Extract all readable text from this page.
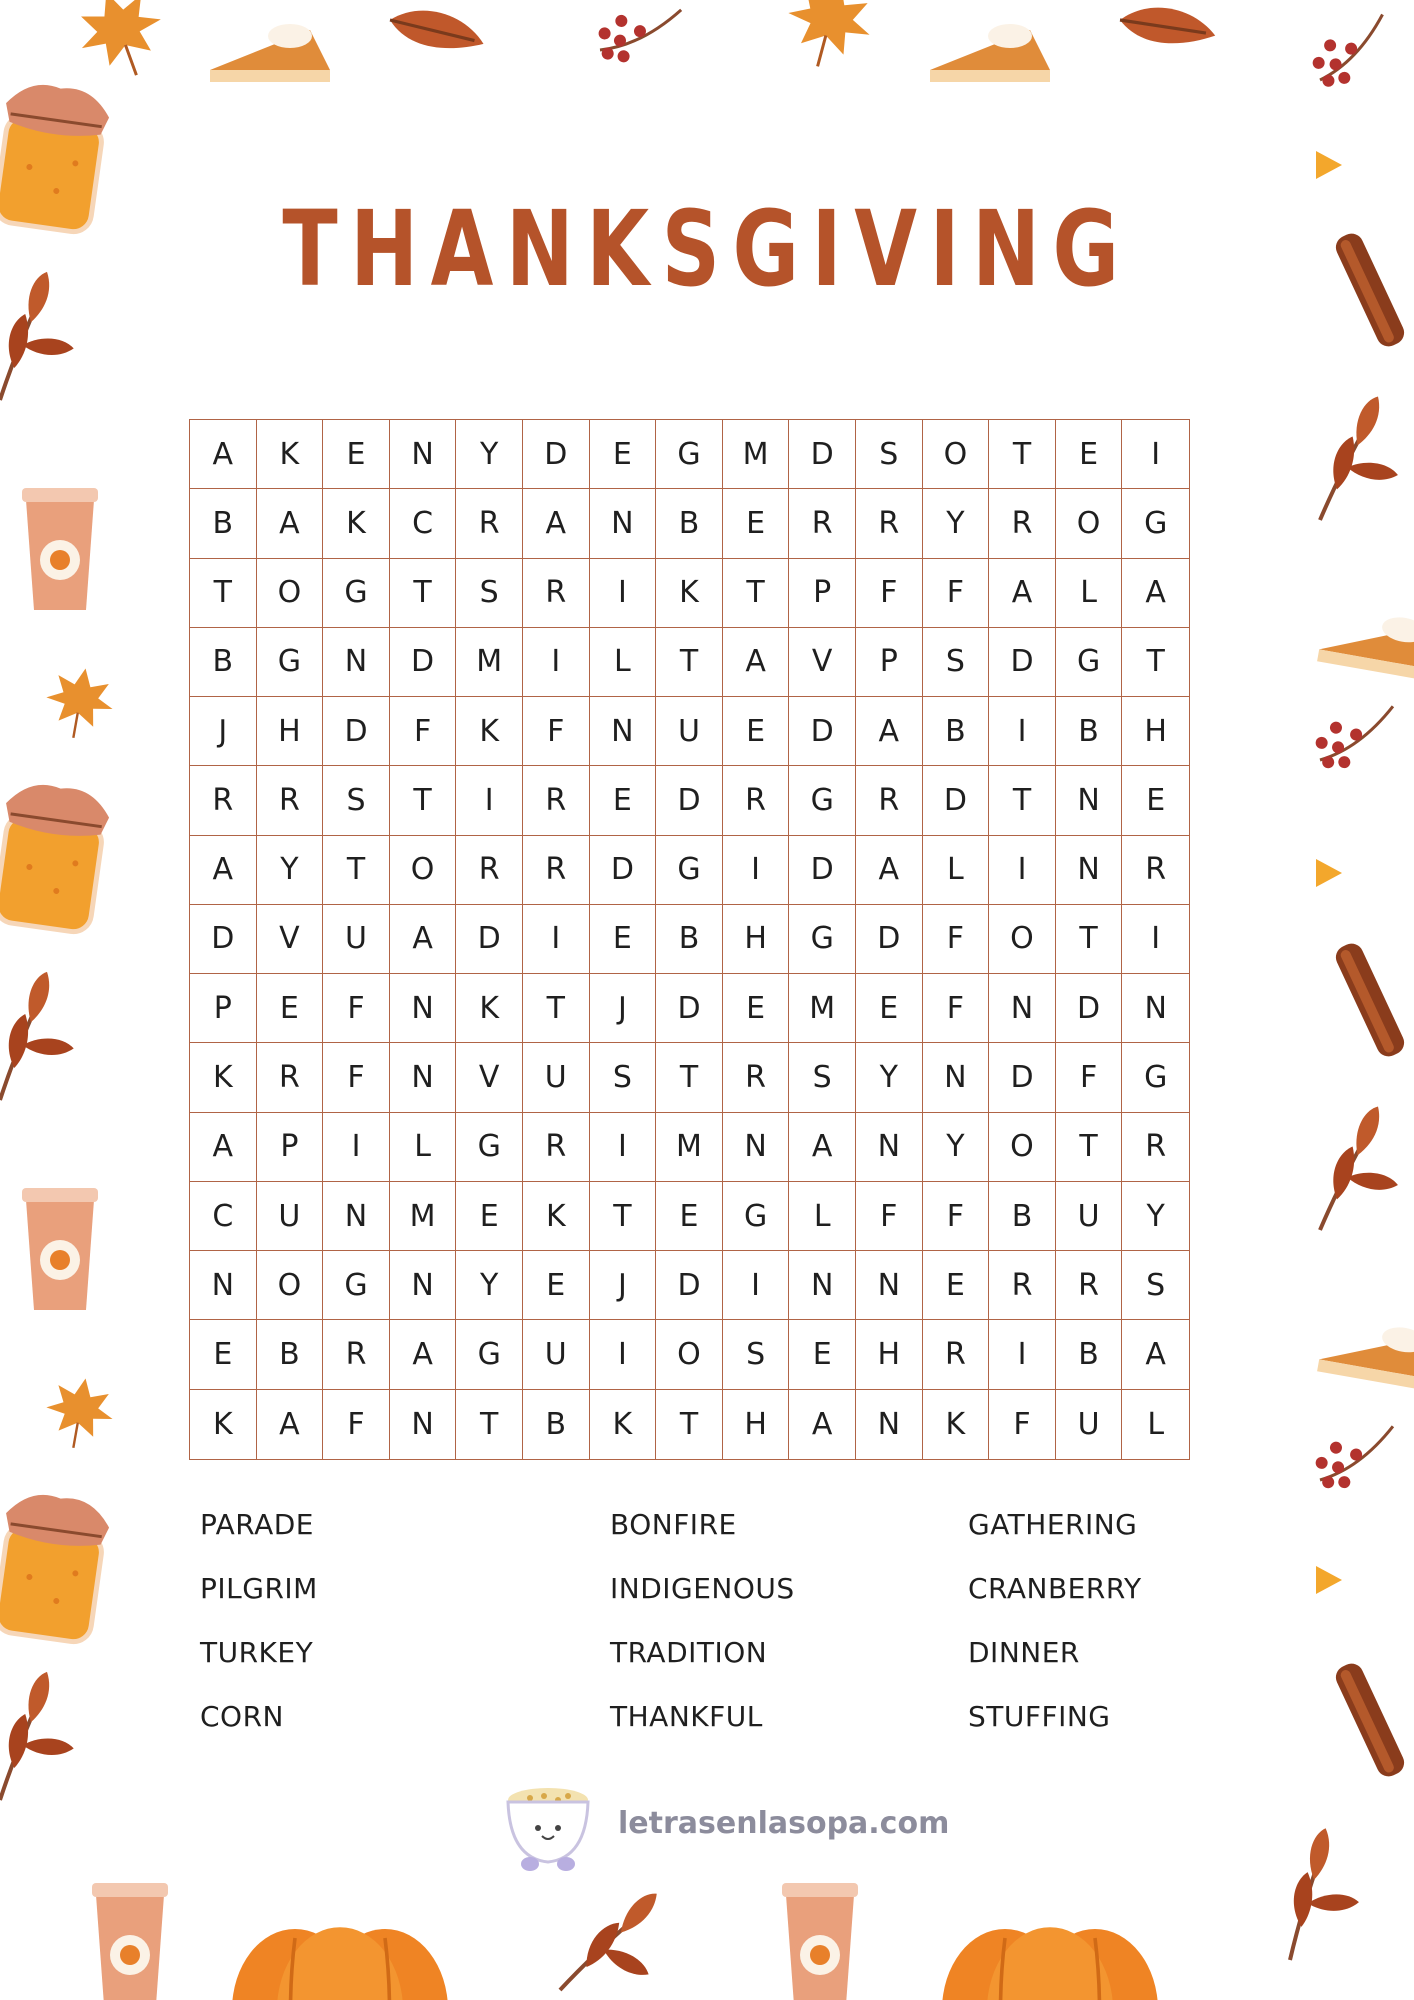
THANKSGIVING
A	K	E	N	Y	D	E	G	M	D	S	O	T	E	I
B	A	K	C	R	A	N	B	E	R	R	Y	R	O	G
T	O	G	T	S	R	I	K	T	P	F	F	A	L	A
B	G	N	D	M	I	L	T	A	V	P	S	D	G	T
J	H	D	F	K	F	N	U	E	D	A	B	I	B	H
R	R	S	T	I	R	E	D	R	G	R	D	T	N	E
A	Y	T	O	R	R	D	G	I	D	A	L	I	N	R
D	V	U	A	D	I	E	B	H	G	D	F	O	T	I
P	E	F	N	K	T	J	D	E	M	E	F	N	D	N
K	R	F	N	V	U	S	T	R	S	Y	N	D	F	G
A	P	I	L	G	R	I	M	N	A	N	Y	O	T	R
C	U	N	M	E	K	T	E	G	L	F	F	B	U	Y
N	O	G	N	Y	E	J	D	I	N	N	E	R	R	S
E	B	R	A	G	U	I	O	S	E	H	R	I	B	A
K	A	F	N	T	B	K	T	H	A	N	K	F	U	L
PARADE
PILGRIM
TURKEY
CORN
BONFIRE
INDIGENOUS
TRADITION
THANKFUL
GATHERING
CRANBERRY
DINNER
STUFFING
letrasenlasopa.com
